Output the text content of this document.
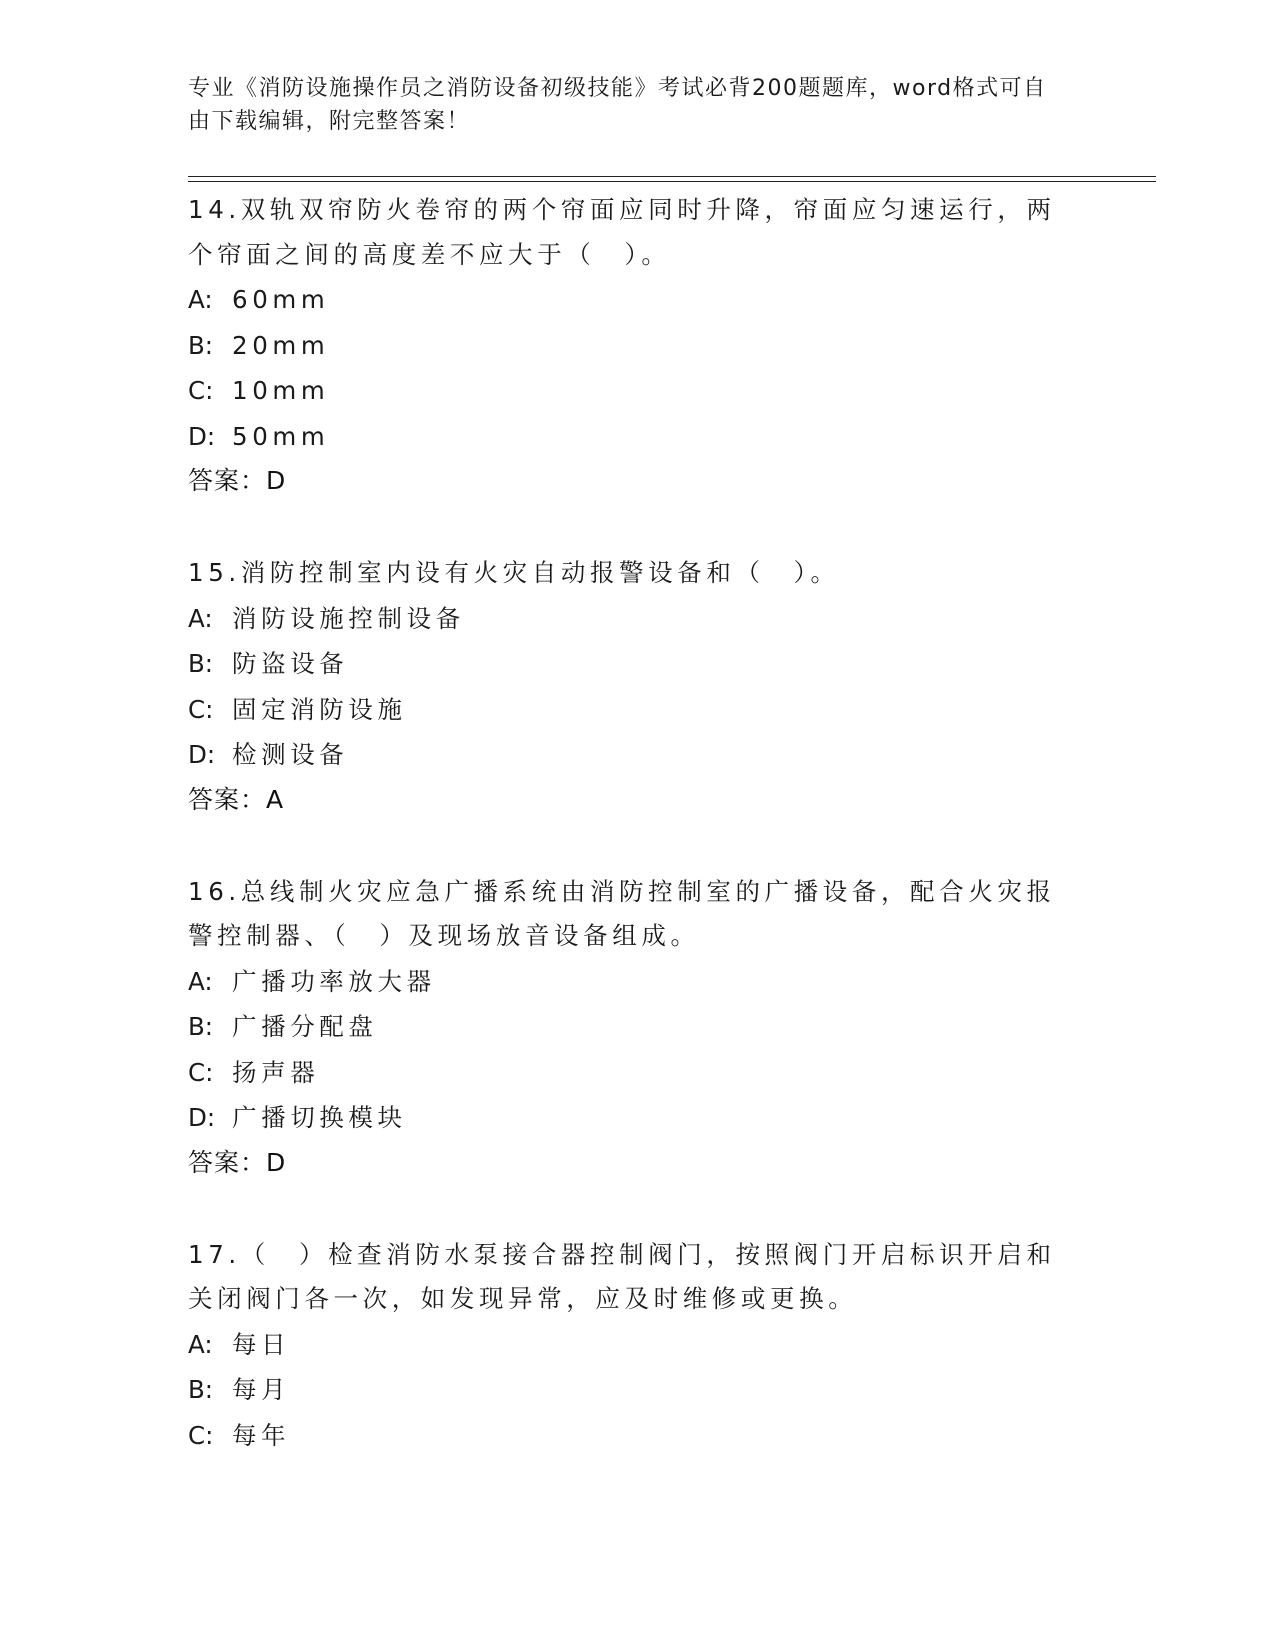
专业《消防设施操作员之消防设备初级技能》考试必背200题题库，word格式可自由下载编辑，附完整答案！
14.双轨双帘防火卷帘的两个帘面应同时升降，帘面应匀速运行，两个帘面之间的高度差不应大于（　）。
A: 60mm
B: 20mm
C: 10mm
D: 50mm
答案：D
15.消防控制室内设有火灾自动报警设备和（　）。
A: 消防设施控制设备
B: 防盗设备
C: 固定消防设施
D: 检测设备
答案：A
16.总线制火灾应急广播系统由消防控制室的广播设备，配合火灾报警控制器、（　）及现场放音设备组成。
A: 广播功率放大器
B: 广播分配盘
C: 扬声器
D: 广播切换模块
答案：D
17.（　）检查消防水泵接合器控制阀门，按照阀门开启标识开启和关闭阀门各一次，如发现异常，应及时维修或更换。
A: 每日
B: 每月
C: 每年
